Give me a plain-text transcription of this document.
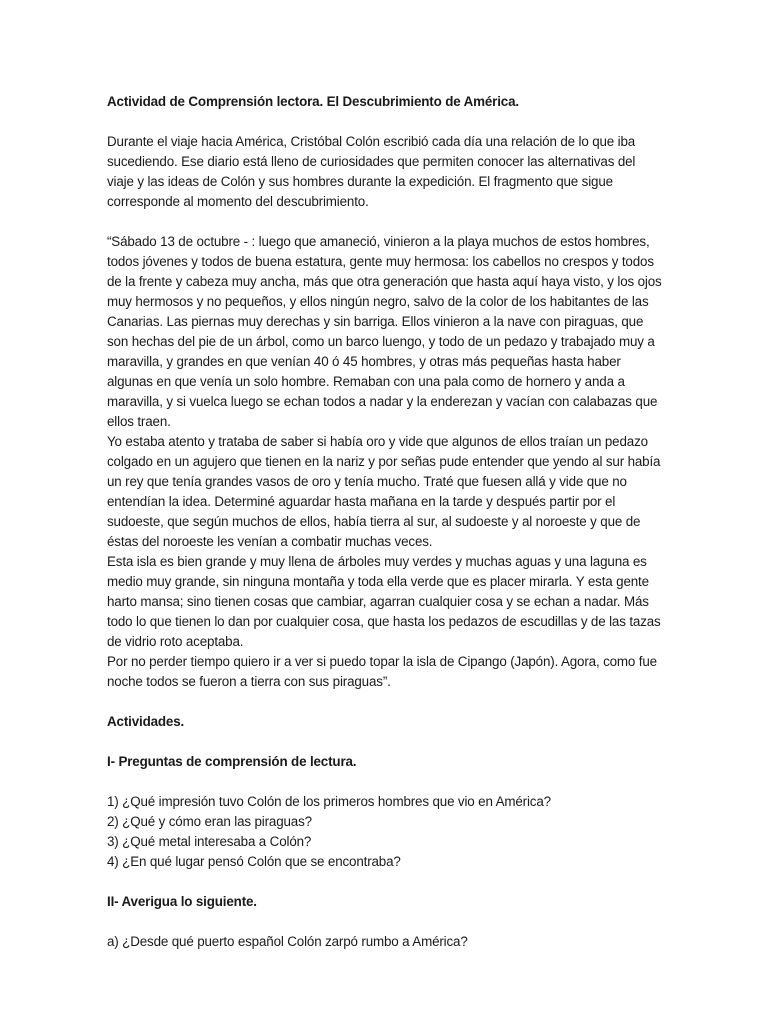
Actividad de Comprensión lectora. El Descubrimiento de América.

Durante el viaje hacia América, Cristóbal Colón escribió cada día una relación de lo que iba sucediendo. Ese diario está lleno de curiosidades que permiten conocer las alternativas del viaje y las ideas de Colón y sus hombres durante la expedición. El fragmento que sigue corresponde al momento del descubrimiento.

“Sábado 13 de octubre - : luego que amaneció, vinieron a la playa muchos de estos hombres, todos jóvenes y todos de buena estatura, gente muy hermosa: los cabellos no crespos y todos de la frente y cabeza muy ancha, más que otra generación que hasta aquí haya visto, y los ojos muy hermosos y no pequeños, y ellos ningún negro, salvo de la color de los habitantes de las Canarias. Las piernas muy derechas y sin barriga. Ellos vinieron a la nave con piraguas, que son hechas del pie de un árbol, como un barco luengo, y todo de un pedazo y trabajado muy a maravilla, y grandes en que venían 40 ó 45 hombres, y otras más pequeñas hasta haber algunas en que venía un solo hombre. Remaban con una pala como de hornero y anda a maravilla, y si vuelca luego se echan todos a nadar y la enderezan y vacían con calabazas que ellos traen.

Yo estaba atento y trataba de saber si había oro y vide que algunos de ellos traían un pedazo colgado en un agujero que tienen en la nariz y por señas pude entender que yendo al sur había un rey que tenía grandes vasos de oro y tenía mucho. Traté que fuesen allá y vide que no entendían la idea. Determiné aguardar hasta mañana en la tarde y después partir por el sudoeste, que según muchos de ellos, había tierra al sur, al sudoeste y al noroeste y que de éstas del noroeste les venían a combatir muchas veces.

Esta isla es bien grande y muy llena de árboles muy verdes y muchas aguas y una laguna es medio muy grande, sin ninguna montaña y toda ella verde que es placer mirarla. Y esta gente harto mansa; sino tienen cosas que cambiar, agarran cualquier cosa y se echan a nadar. Más todo lo que tienen lo dan por cualquier cosa, que hasta los pedazos de escudillas y de las tazas de vidrio roto aceptaba.

Por no perder tiempo quiero ir a ver si puedo topar la isla de Cipango (Japón). Agora, como fue noche todos se fueron a tierra con sus piraguas”.

Actividades.

I- Preguntas de comprensión de lectura.

1) ¿Qué impresión tuvo Colón de los primeros hombres que vio en América?
2) ¿Qué y cómo eran las piraguas?
3) ¿Qué metal interesaba a Colón?
4) ¿En qué lugar pensó Colón que se encontraba?

II- Averigua lo siguiente.

a) ¿Desde qué puerto español Colón zarpó rumbo a América?
